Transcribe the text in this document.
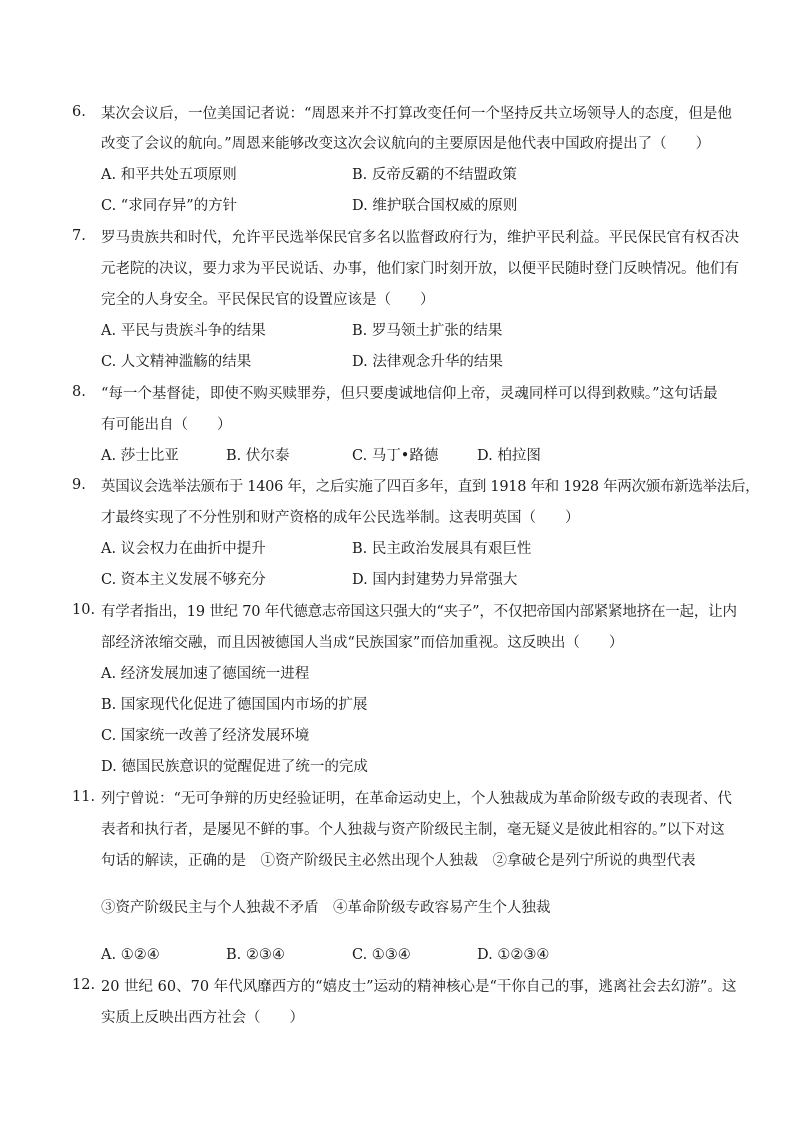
6.	某次会议后，一位美国记者说：“周恩来并不打算改变任何一个坚持反共立场领导人的态度，但是他
改变了会议的航向。”周恩来能够改变这次会议航向的主要原因是他代表中国政府提出了（　　）
A. 和平共处五项原则	B. 反帝反霸的不结盟政策
C. “求同存异”的方针	D. 维护联合国权威的原则
7.	罗马贵族共和时代，允许平民选举保民官多名以监督政府行为，维护平民利益。平民保民官有权否决
元老院的决议，要力求为平民说话、办事，他们家门时刻开放，以便平民随时登门反映情况。他们有
完全的人身安全。平民保民官的设置应该是（　　）
A. 平民与贵族斗争的结果	B. 罗马领土扩张的结果
C. 人文精神滥觞的结果	D. 法律观念升华的结果
8.	“每一个基督徒，即使不购买赎罪券，但只要虔诚地信仰上帝，灵魂同样可以得到救赎。”这句话最
有可能出自（　　）
A. 莎士比亚	B. 伏尔泰	C. 马丁•路德	D. 柏拉图
9.	英国议会选举法颁布于 1406 年，之后实施了四百多年，直到 1918 年和 1928 年两次颁布新选举法后，
才最终实现了不分性别和财产资格的成年公民选举制。这表明英国（　　）
A. 议会权力在曲折中提升	B. 民主政治发展具有艰巨性
C. 资本主义发展不够充分	D. 国内封建势力异常强大
10. 有学者指出，19 世纪 70 年代德意志帝国这只强大的“夹子”，不仅把帝国内部紧紧地挤在一起，让内
部经济浓缩交融，而且因被德国人当成“民族国家”而倍加重视。这反映出（　　）
A. 经济发展加速了德国统一进程
B. 国家现代化促进了德国国内市场的扩展
C. 国家统一改善了经济发展环境
D. 德国民族意识的觉醒促进了统一的完成
11. 列宁曾说：“无可争辩的历史经验证明，在革命运动史上，个人独裁成为革命阶级专政的表现者、代
表者和执行者，是屡见不鲜的事。个人独裁与资产阶级民主制，毫无疑义是彼此相容的。”以下对这
句话的解读，正确的是　①资产阶级民主必然出现个人独裁　②拿破仑是列宁所说的典型代表
③资产阶级民主与个人独裁不矛盾　④革命阶级专政容易产生个人独裁
A. ①②④	B. ②③④	C. ①③④	D. ①②③④
12. 20 世纪 60、70 年代风靡西方的“嬉皮士”运动的精神核心是“干你自己的事，逃离社会去幻游”。这
实质上反映出西方社会（　　）
